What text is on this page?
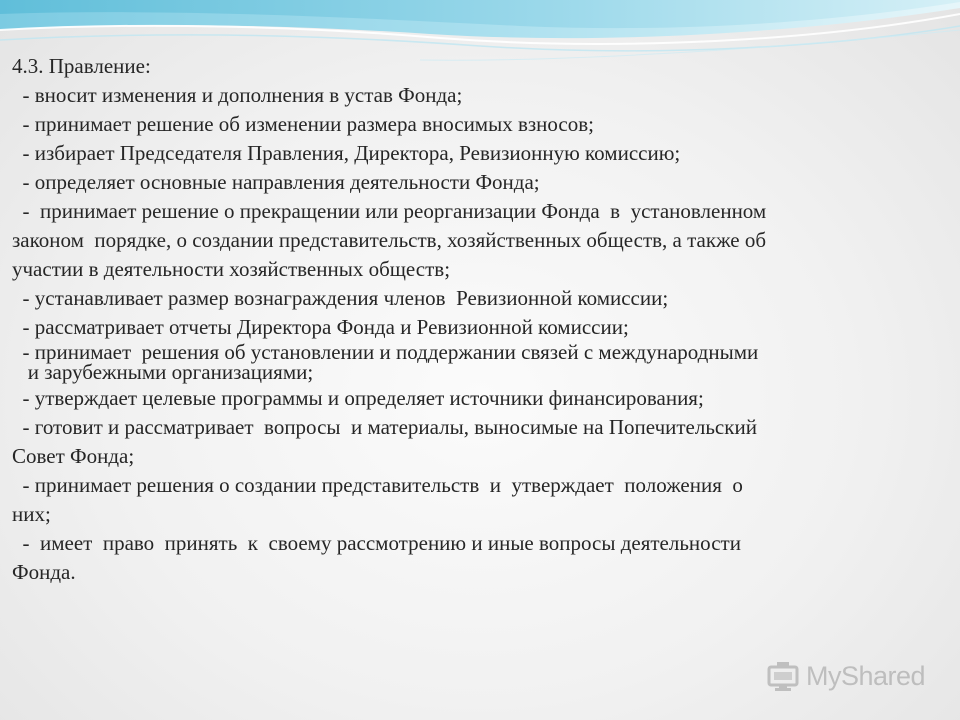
4.3. Правление:
- вносит изменения и дополнения в устав Фонда;
- принимает решение об изменении размера вносимых взносов;
- избирает Председателя Правления, Директора, Ревизионную комиссию;
- определяет основные направления деятельности Фонда;
-  принимает решение о прекращении или реорганизации Фонда  в  установленном
законом  порядке, о создании представительств, хозяйственных обществ, а также об
участии в деятельности хозяйственных обществ;
- устанавливает размер вознаграждения членов  Ревизионной комиссии;
- рассматривает отчеты Директора Фонда и Ревизионной комиссии;
- принимает  решения об установлении и поддержании связей с международными
и зарубежными организациями;
- утверждает целевые программы и определяет источники финансирования;
- готовит и рассматривает  вопросы  и материалы, выносимые на Попечительский
Совет Фонда;
- принимает решения о создании представительств  и  утверждает  положения  о
них;
-  имеет  право  принять  к  своему рассмотрению и иные вопросы деятельности
Фонда.
MyShared
